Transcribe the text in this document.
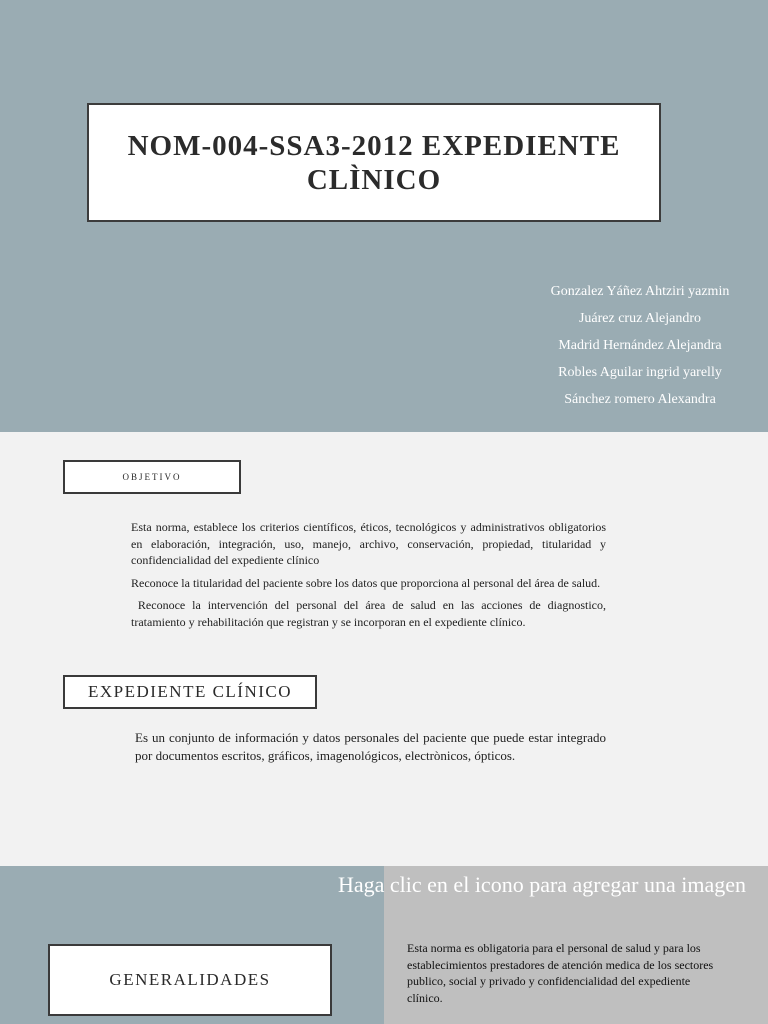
NOM-004-SSA3-2012 EXPEDIENTE CLÌNICO
Gonzalez Yáñez Ahtziri yazmin
Juárez cruz Alejandro
Madrid Hernández Alejandra
Robles Aguilar ingrid yarelly
Sánchez romero Alexandra
OBJETIVO

Esta norma, establece los criterios científicos, éticos, tecnológicos y administrativos obligatorios en elaboración, integración, uso, manejo, archivo, conservación, propiedad, titularidad y confidencialidad del expediente clínico

Reconoce la titularidad del paciente sobre los datos que proporciona al personal del área de salud.

Reconoce la intervención del personal del área de salud en las acciones de diagnostico, tratamiento y rehabilitación que registran y se incorporan en el expediente clínico.

EXPEDIENTE CLÍNICO
Es un conjunto de información y datos personales del paciente que puede estar integrado por documentos escritos, gráficos, imagenológicos, electrònicos, ópticos.
Haga clic en el icono para agregar una imagen
GENERALIDADES
Esta norma es obligatoria para el personal de salud y para los establecimientos prestadores de atención medica de los sectores publico, social y privado y confidencialidad del expediente clínico.
